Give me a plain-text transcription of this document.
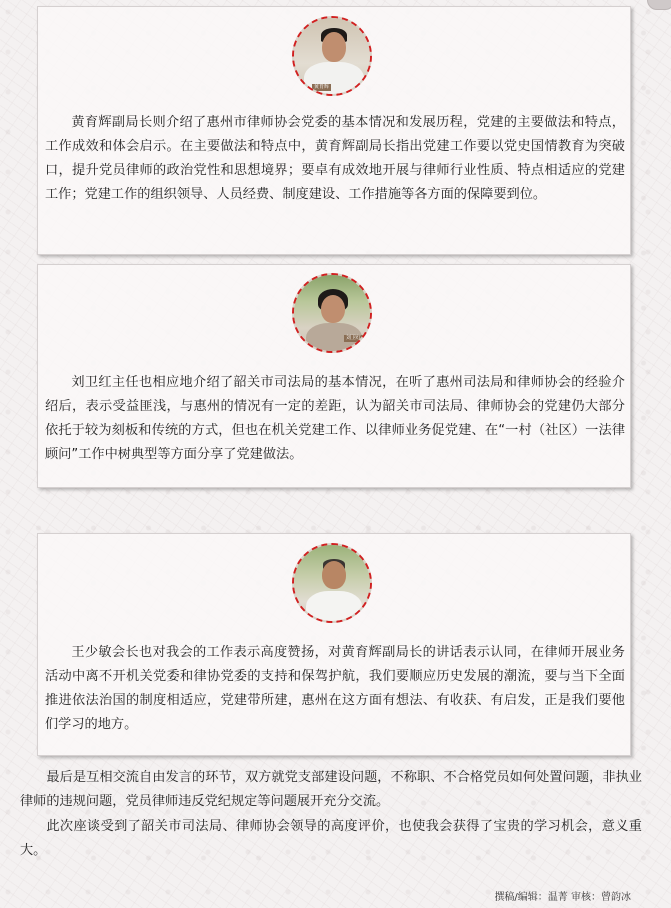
黄育辉

黄育辉副局长则介绍了惠州市律师协会党委的基本情况和发展历程，党建的主要做法和特点，工作成效和体会启示。在主要做法和特点中，黄育辉副局长指出党建工作要以党史国情教育为突破口，提升党员律师的政治党性和思想境界；要卓有成效地开展与律师行业性质、特点相适应的党建工作；党建工作的组织领导、人员经费、制度建设、工作措施等各方面的保障要到位。

刘卫红

刘卫红主任也相应地介绍了韶关市司法局的基本情况，在听了惠州司法局和律师协会的经验介绍后，表示受益匪浅，与惠州的情况有一定的差距，认为韶关市司法局、律师协会的党建仍大部分依托于较为刻板和传统的方式，但也在机关党建工作、以律师业务促党建、在“一村（社区）一法律顾问”工作中树典型等方面分享了党建做法。

王少敏会长也对我会的工作表示高度赞扬，对黄育辉副局长的讲话表示认同，在律师开展业务活动中离不开机关党委和律协党委的支持和保驾护航，我们要顺应历史发展的潮流，要与当下全面推进依法治国的制度相适应，党建带所建，惠州在这方面有想法、有收获、有启发，正是我们要他们学习的地方。

最后是互相交流自由发言的环节，双方就党支部建设问题，不称职、不合格党员如何处置问题，非执业律师的违规问题，党员律师违反党纪规定等问题展开充分交流。

此次座谈受到了韶关市司法局、律师协会领导的高度评价，也使我会获得了宝贵的学习机会，意义重大。

撰稿/编辑：温菁 审核：曾韵冰
